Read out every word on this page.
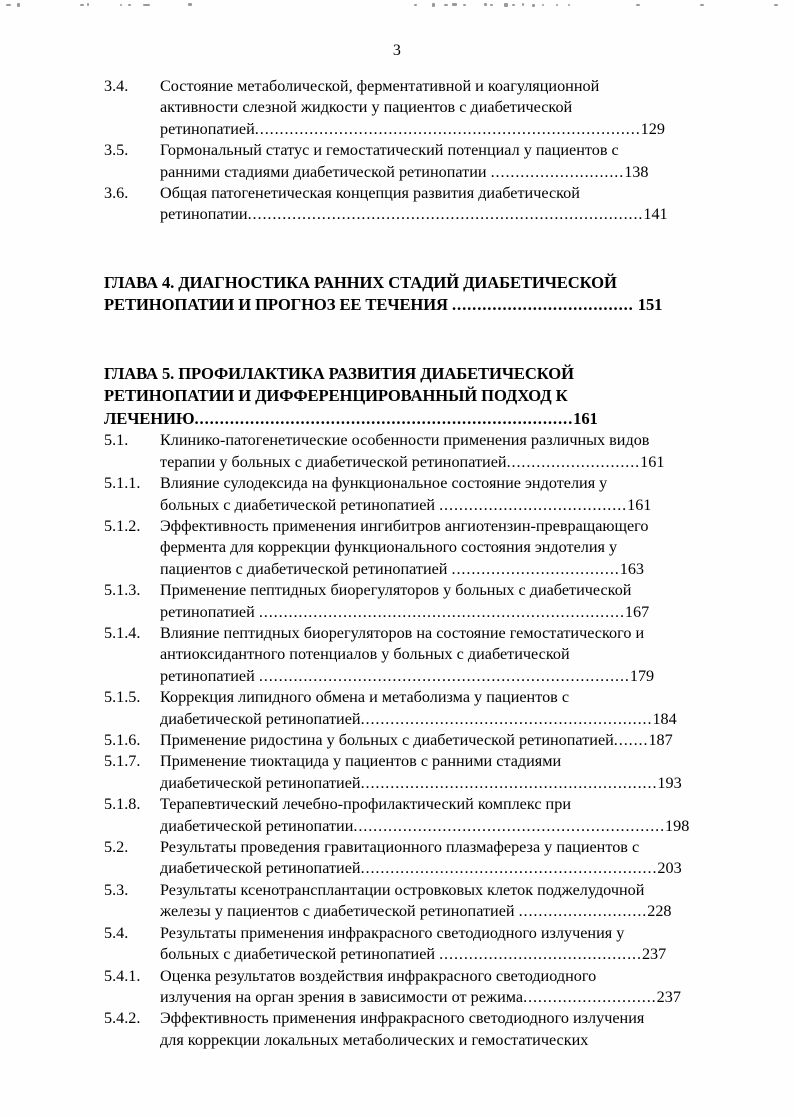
3
3.4.	Состояние метаболической, ферментативной и коагуляционной
активности слезной жидкости у пациентов с диабетической
ретинопатией..............................................................................129
3.5.	Гормональный статус и гемостатический потенциал у пациентов с
ранними стадиями диабетической ретинопатии ...........................138
3.6.	Общая патогенетическая концепция развития диабетической
ретинопатии................................................................................141
ГЛАВА 4. ДИАГНОСТИКА РАННИХ СТАДИЙ ДИАБЕТИЧЕСКОЙ
РЕТИНОПАТИИ И ПРОГНОЗ ЕЕ ТЕЧЕНИЯ .................................... 151
ГЛАВА 5. ПРОФИЛАКТИКА РАЗВИТИЯ ДИАБЕТИЧЕСКОЙ
РЕТИНОПАТИИ И ДИФФЕРЕНЦИРОВАННЫЙ ПОДХОД К
ЛЕЧЕНИЮ...........................................................................161
5.1.	Клинико-патогенетические особенности применения различных видов
терапии у больных с диабетической ретинопатией...........................161
5.1.1.	Влияние сулодексида на функциональное состояние эндотелия у
больных с диабетической ретинопатией ......................................161
5.1.2.	Эффективность применения ингибитров ангиотензин-превращающего
фермента для коррекции функционального состояния эндотелия у
пациентов с диабетической ретинопатией ..................................163
5.1.3.	Применение пептидных биорегуляторов у больных с диабетической
ретинопатией ..........................................................................167
5.1.4.	Влияние пептидных биорегуляторов на состояние гемостатического и
антиоксидантного потенциалов у больных с диабетической
ретинопатией ...........................................................................179
5.1.5.	Коррекция липидного обмена и метаболизма у пациентов с
диабетической ретинопатией...........................................................184
5.1.6.	Применение ридостина у больных с диабетической ретинопатией.......187
5.1.7.	Применение тиоктацида у пациентов с ранними стадиями
диабетической ретинопатией............................................................193
5.1.8.	Терапевтический лечебно-профилактический комплекс при
диабетической ретинопатии...............................................................198
5.2.	Результаты проведения гравитационного плазмафереза у пациентов с
диабетической ретинопатией............................................................203
5.3.	Результаты ксенотрансплантации островковых клеток поджелудочной
железы у пациентов с диабетической ретинопатией ..........................228
5.4.	Результаты применения инфракрасного светодиодного излучения у
больных с диабетической ретинопатией .........................................237
5.4.1.	Оценка результатов воздействия инфракрасного светодиодного
излучения на орган зрения в зависимости от режима...........................237
5.4.2.	Эффективность применения инфракрасного светодиодного излучения
для коррекции локальных метаболических и гемостатических
